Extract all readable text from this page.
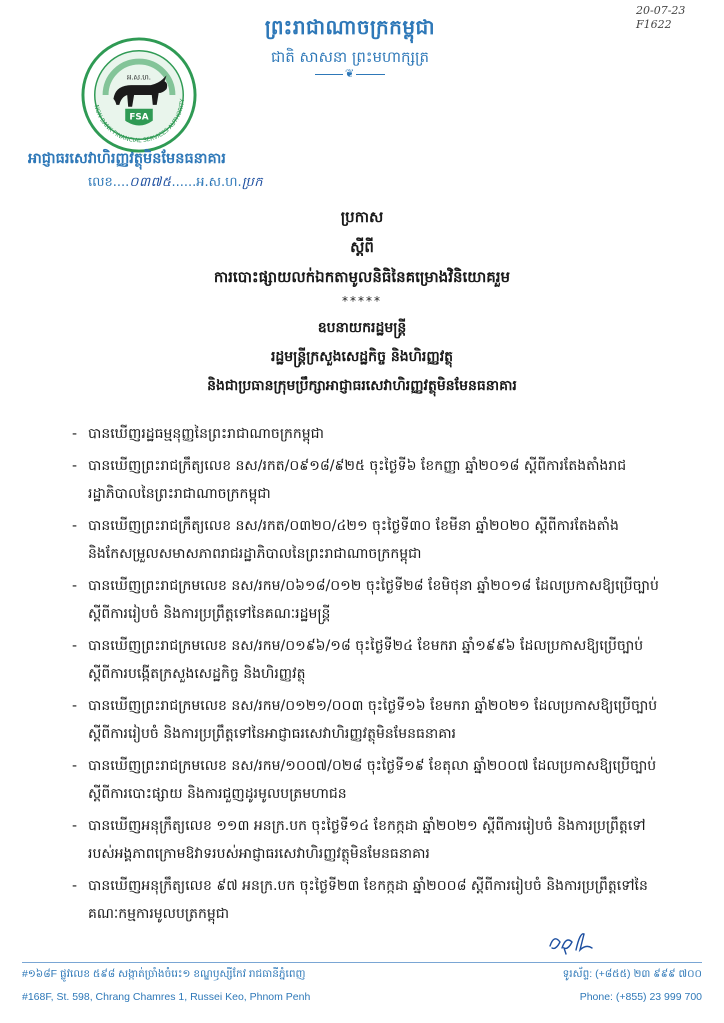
20-07-23
F1622
ព្រះរាជាណាចក្រកម្ពុជា
ជាតិ សាសនា ព្រះមហាក្សត្រ
❦
FSA
អ.ស.ហ.
NON-BANK FINANCIAL SERVICES AUTHORITY
អាជ្ញាធរសេវាហិរញ្ញវត្ថុមិនមែនធនាគារ
លេខ....០៣៧៥......អ.ស.ហ.ប្រក
ប្រកាស
ស្តីពី
ការបោះផ្សាយលក់ឯកតាមូលនិធិនៃគម្រោងវិនិយោគរួម
*****
ឧបនាយករដ្ឋមន្ត្រី
រដ្ឋមន្ត្រីក្រសួងសេដ្ឋកិច្ច និងហិរញ្ញវត្ថុ
និងជាប្រធានក្រុមប្រឹក្សាអាជ្ញាធរសេវាហិរញ្ញវត្ថុមិនមែនធនាគារ
- បានឃើញរដ្ឋធម្មនុញ្ញនៃព្រះរាជាណាចក្រកម្ពុជា
- បានឃើញព្រះរាជក្រឹត្យលេខ នស/រកត/០៩១៨/៩២៥ ចុះថ្ងៃទី៦ ខែកញ្ញា ឆ្នាំ២០១៨ ស្តីពីការតែងតាំងរាជរដ្ឋាភិបាលនៃព្រះរាជាណាចក្រកម្ពុជា
- បានឃើញព្រះរាជក្រឹត្យលេខ នស/រកត/០៣២០/៤២១ ចុះថ្ងៃទី៣០ ខែមីនា ឆ្នាំ២០២០ ស្តីពីការតែងតាំង និងកែសម្រួលសមាសភាពរាជរដ្ឋាភិបាលនៃព្រះរាជាណាចក្រកម្ពុជា
- បានឃើញព្រះរាជក្រមលេខ នស/រកម/០៦១៨/០១២ ចុះថ្ងៃទី២៨ ខែមិថុនា ឆ្នាំ២០១៨ ដែលប្រកាសឱ្យប្រើច្បាប់ស្តីពីការរៀបចំ និងការប្រព្រឹត្តទៅនៃគណៈរដ្ឋមន្ត្រី
- បានឃើញព្រះរាជក្រមលេខ នស/រកម/០១៩៦/១៨ ចុះថ្ងៃទី២៤ ខែមករា ឆ្នាំ១៩៩៦ ដែលប្រកាសឱ្យប្រើច្បាប់ស្តីពីការបង្កើតក្រសួងសេដ្ឋកិច្ច និងហិរញ្ញវត្ថុ
- បានឃើញព្រះរាជក្រមលេខ នស/រកម/០១២១/០០៣ ចុះថ្ងៃទី១៦ ខែមករា ឆ្នាំ២០២១ ដែលប្រកាសឱ្យប្រើច្បាប់ស្តីពីការរៀបចំ និងការប្រព្រឹត្តទៅនៃអាជ្ញាធរសេវាហិរញ្ញវត្ថុមិនមែនធនាគារ
- បានឃើញព្រះរាជក្រមលេខ នស/រកម/១០០៧/០២៨ ចុះថ្ងៃទី១៩ ខែតុលា ឆ្នាំ២០០៧ ដែលប្រកាសឱ្យប្រើច្បាប់ស្តីពីការបោះផ្សាយ និងការជួញដូរមូលបត្រមហាជន
- បានឃើញអនុក្រឹត្យលេខ ១១៣ អនក្រ.បក ចុះថ្ងៃទី១៤ ខែកក្កដា ឆ្នាំ២០២១ ស្តីពីការរៀបចំ និងការប្រព្រឹត្តទៅរបស់អង្គភាពក្រោមឱវាទរបស់អាជ្ញាធរសេវាហិរញ្ញវត្ថុមិនមែនធនាគារ
- បានឃើញអនុក្រឹត្យលេខ ៩៧ អនក្រ.បក ចុះថ្ងៃទី២៣ ខែកក្កដា ឆ្នាំ២០០៨ ស្តីពីការរៀបចំ និងការប្រព្រឹត្តទៅនៃគណៈកម្មការមូលបត្រកម្ពុជា
#១៦៨F ផ្លូវលេខ ៥៩៨ សង្កាត់ច្រាំងចំរេះ១ ខណ្ឌឫស្សីកែវ រាជធានីភ្នំពេញ
#168F, St. 598, Chrang Chamres 1, Russei Keo, Phnom Penh
ទូរស័ព្ទ: (+៨៥៥) ២៣ ៩៩៩ ៧០០
Phone: (+855) 23 999 700
